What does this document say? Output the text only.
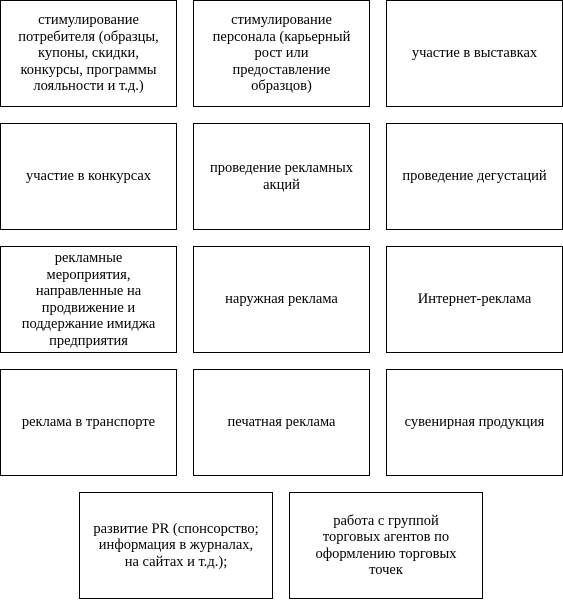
стимулирование
потребителя (образцы,
купоны, скидки,
конкурсы, программы
лояльности и т.д.)
стимулирование
персонала (карьерный
рост или
предоставление
образцов)
участие в выставках
участие в конкурсах
проведение рекламных
акций
проведение дегустаций
рекламные
мероприятия,
направленные на
продвижение и
поддержание имиджа
предприятия
наружная реклама	Интернет-реклама
реклама в транспорте	печатная реклама	сувенирная продукция
развитие PR (спонсорство;
информация в журналах,
на сайтах и т.д.);
работа с группой
торговых агентов по
оформлению торговых
точек
